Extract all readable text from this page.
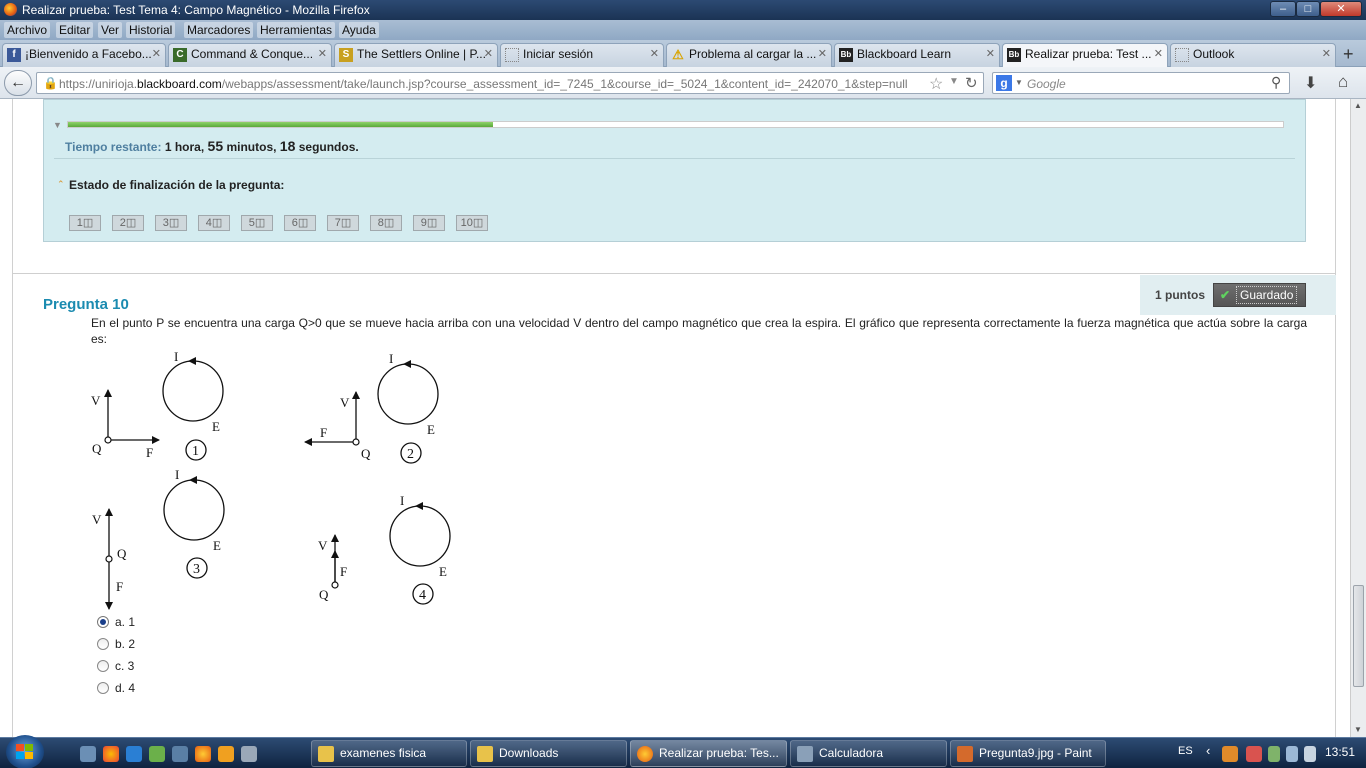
Realizar prueba: Test Tema 4: Campo Magnético - Mozilla Firefox	–	□	✕
Archivo Editar Ver Historial Marcadores Herramientas Ayuda
f ¡Bienvenido a Facebo... ✕	C Command & Conque... ✕	S The Settlers Online | P...
✕	Iniciar sesión	✕ ⚠ Problema al cargar la ... ✕ Bb Blackboard Learn	✕ Bb Realizar prueba: Test ... ✕	Outlook	✕ +
←	🔒 https://unirioja.blackboard.com/webapps/assessment/take/launch.jsp?course_assessment_id=_7245_1&course_id=_5024_1&content_id=_242070_1&step=null ☆ ▼ ↻	g ▼ Google	⚲ ⬇ ⌂
▼
Tiempo restante: 1 hora, 55 minutos, 18 segundos.
⌃ Estado de finalización de la pregunta:
1◫	2◫	3◫	4◫	5◫	6◫	7◫	8◫	9◫	10◫
Pregunta 10
1 puntos ✔ Guardado
En el punto P se encuentra una carga Q>0 que se mueve hacia arriba con una velocidad V dentro del campo magnético que crea la espira. El gráfico que representa correctamente la fuerza magnética que actúa sobre la carga es:
I
E
V
Q	F	1
I
E
V
Q
F
2
I
E
V
Q
F
3
I
E
V
Q
F
4
a. 1
b. 2
c. 3
d. 4
▲
▼
examenes fisica	Downloads	Realizar prueba: Tes...	Calculadora	Pregunta9.jpg - Paint	ES ‹	13:51
